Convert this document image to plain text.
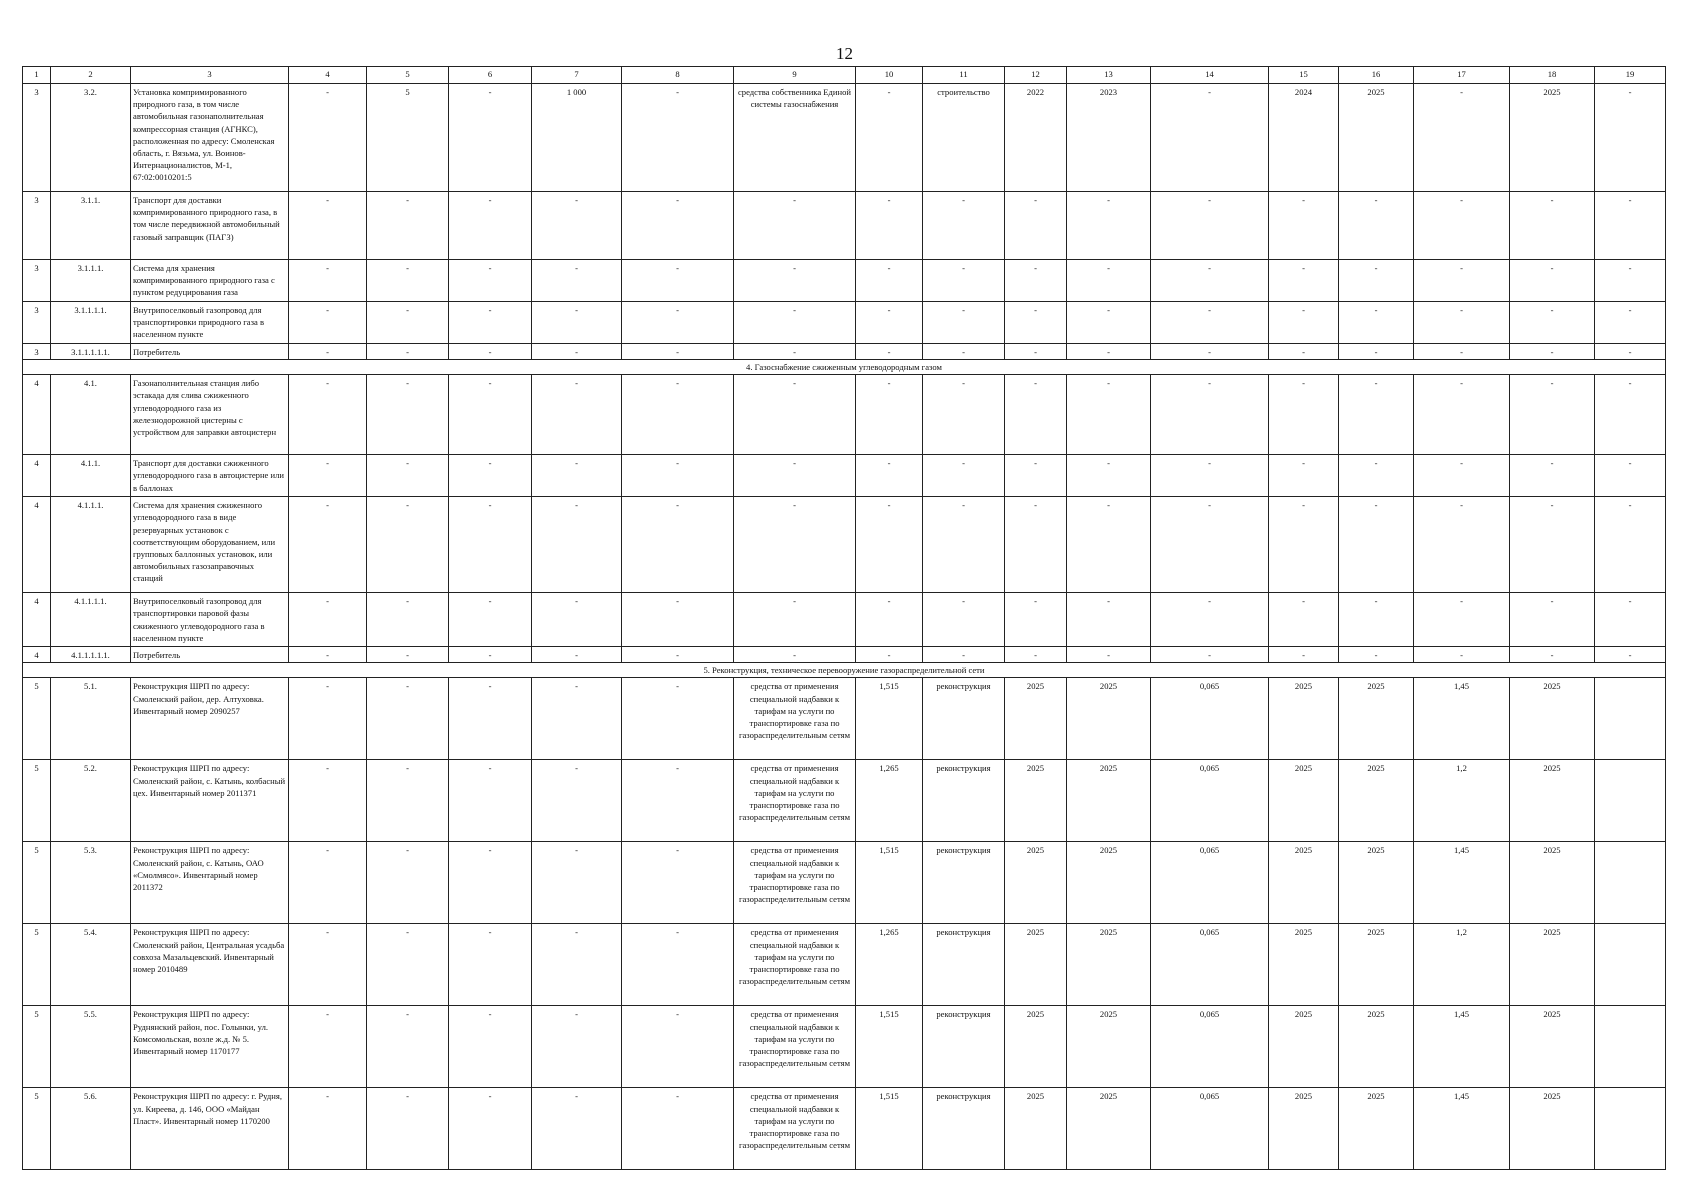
12
1	2	3	4	5	6	7	8	9	10	11	12	13	14	15	16	17	18	19
3	3.2.	Установка компримированного природного газа, в том числе автомобильная газонаполнительная компрессорная станция (АГНКС), расположенная по адресу: Смоленская область, г. Вязьма, ул. Воинов-Интернационалистов, М-1, 67:02:0010201:5	-	5	-	1 000	-	средства собственника Единой системы газоснабжения	-	строительство	2022	2023	-	2024	2025	-	2025	-
3	3.1.1.	Транспорт для доставки компримированного природного газа, в том числе передвижной автомобильный газовый заправщик (ПАГЗ)	-	-	-	-	-	-	-	-	-	-	-	-	-	-	-	-
3	3.1.1.1.	Система для хранения компримированного природного газа с пунктом редуцирования газа	-	-	-	-	-	-	-	-	-	-	-	-	-	-	-	-
3	3.1.1.1.1.	Внутрипоселковый газопровод для транспортировки природного газа в населенном пункте	-	-	-	-	-	-	-	-	-	-	-	-	-	-	-	-
3	3.1.1.1.1.1.	Потребитель	-	-	-	-	-	-	-	-	-	-	-	-	-	-	-	-
4. Газоснабжение сжиженным углеводородным газом																		
4	4.1.	Газонаполнительная станция либо эстакада для слива сжиженного углеводородного газа из железнодорожной цистерны с устройством для заправки автоцистерн	-	-	-	-	-	-	-	-	-	-	-	-	-	-	-	-
4	4.1.1.	Транспорт для доставки сжиженного углеводородного газа в автоцистерне или в баллонах	-	-	-	-	-	-	-	-	-	-	-	-	-	-	-	-
4	4.1.1.1.	Система для хранения сжиженного углеводородного газа в виде резервуарных установок с соответствующим оборудованием, или групповых баллонных установок, или автомобильных газозаправочных станций	-	-	-	-	-	-	-	-	-	-	-	-	-	-	-	-
4	4.1.1.1.1.	Внутрипоселковый газопровод для транспортировки паровой фазы сжиженного углеводородного газа в населенном пункте	-	-	-	-	-	-	-	-	-	-	-	-	-	-	-	-
4	4.1.1.1.1.1.	Потребитель	-	-	-	-	-	-	-	-	-	-	-	-	-	-	-	-
5. Реконструкция, техническое перевооружение газораспределительной сети																		
5	5.1.	Реконструкция ШРП по адресу: Смоленский район, дер. Алтуховка. Инвентарный номер 2090257	-	-	-	-	-	средства от применения специальной надбавки к тарифам на услуги по транспортировке газа по газораспределительным сетям	1,515	реконструкция	2025	2025	0,065	2025	2025	1,45	2025	
5	5.2.	Реконструкция ШРП по адресу: Смоленский район, с. Катынь, колбасный цех. Инвентарный номер 2011371	-	-	-	-	-	средства от применения специальной надбавки к тарифам на услуги по транспортировке газа по газораспределительным сетям	1,265	реконструкция	2025	2025	0,065	2025	2025	1,2	2025	
5	5.3.	Реконструкция ШРП по адресу: Смоленский район, с. Катынь, ОАО «Смолмясо». Инвентарный номер 2011372	-	-	-	-	-	средства от применения специальной надбавки к тарифам на услуги по транспортировке газа по газораспределительным сетям	1,515	реконструкция	2025	2025	0,065	2025	2025	1,45	2025	
5	5.4.	Реконструкция ШРП по адресу: Смоленский район, Центральная усадьба совхоза Мазальцевский. Инвентарный номер 2010489	-	-	-	-	-	средства от применения специальной надбавки к тарифам на услуги по транспортировке газа по газораспределительным сетям	1,265	реконструкция	2025	2025	0,065	2025	2025	1,2	2025	
5	5.5.	Реконструкция ШРП по адресу: Руднянский район, пос. Голынки, ул. Комсомольская, возле ж.д. № 5. Инвентарный номер 1170177	-	-	-	-	-	средства от применения специальной надбавки к тарифам на услуги по транспортировке газа по газораспределительным сетям	1,515	реконструкция	2025	2025	0,065	2025	2025	1,45	2025	
5	5.6.	Реконструкция ШРП по адресу: г. Рудня, ул. Киреева, д. 146, ООО «Майдан Пласт». Инвентарный номер 1170200	-	-	-	-	-	средства от применения специальной надбавки к тарифам на услуги по транспортировке газа по газораспределительным сетям	1,515	реконструкция	2025	2025	0,065	2025	2025	1,45	2025	
